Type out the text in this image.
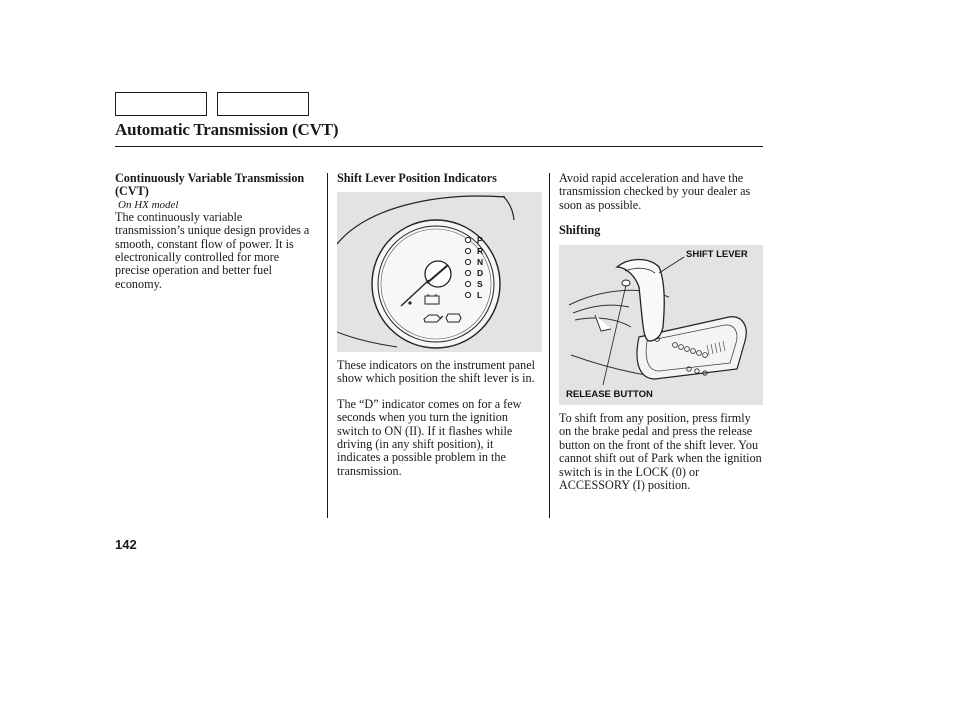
Automatic Transmission (CVT)
Continuously Variable Transmission (CVT)
On HX model

The continuously variable transmission’s unique design provides a smooth, constant flow of power. It is electronically controlled for more precise operation and better fuel economy.

Shift Lever Position Indicators
P
R
N
D
S
L

These indicators on the instrument panel show which position the shift lever is in.

The “D” indicator comes on for a few seconds when you turn the ignition switch to ON (II). If it flashes while driving (in any shift position), it indicates a possible problem in the transmission.

Avoid rapid acceleration and have the transmission checked by your dealer as soon as possible.

Shifting
SHIFT LEVER
RELEASE BUTTON

To shift from any position, press firmly on the brake pedal and press the release button on the front of the shift lever. You cannot shift out of Park when the ignition switch is in the LOCK (0) or ACCESSORY (I) position.

142
